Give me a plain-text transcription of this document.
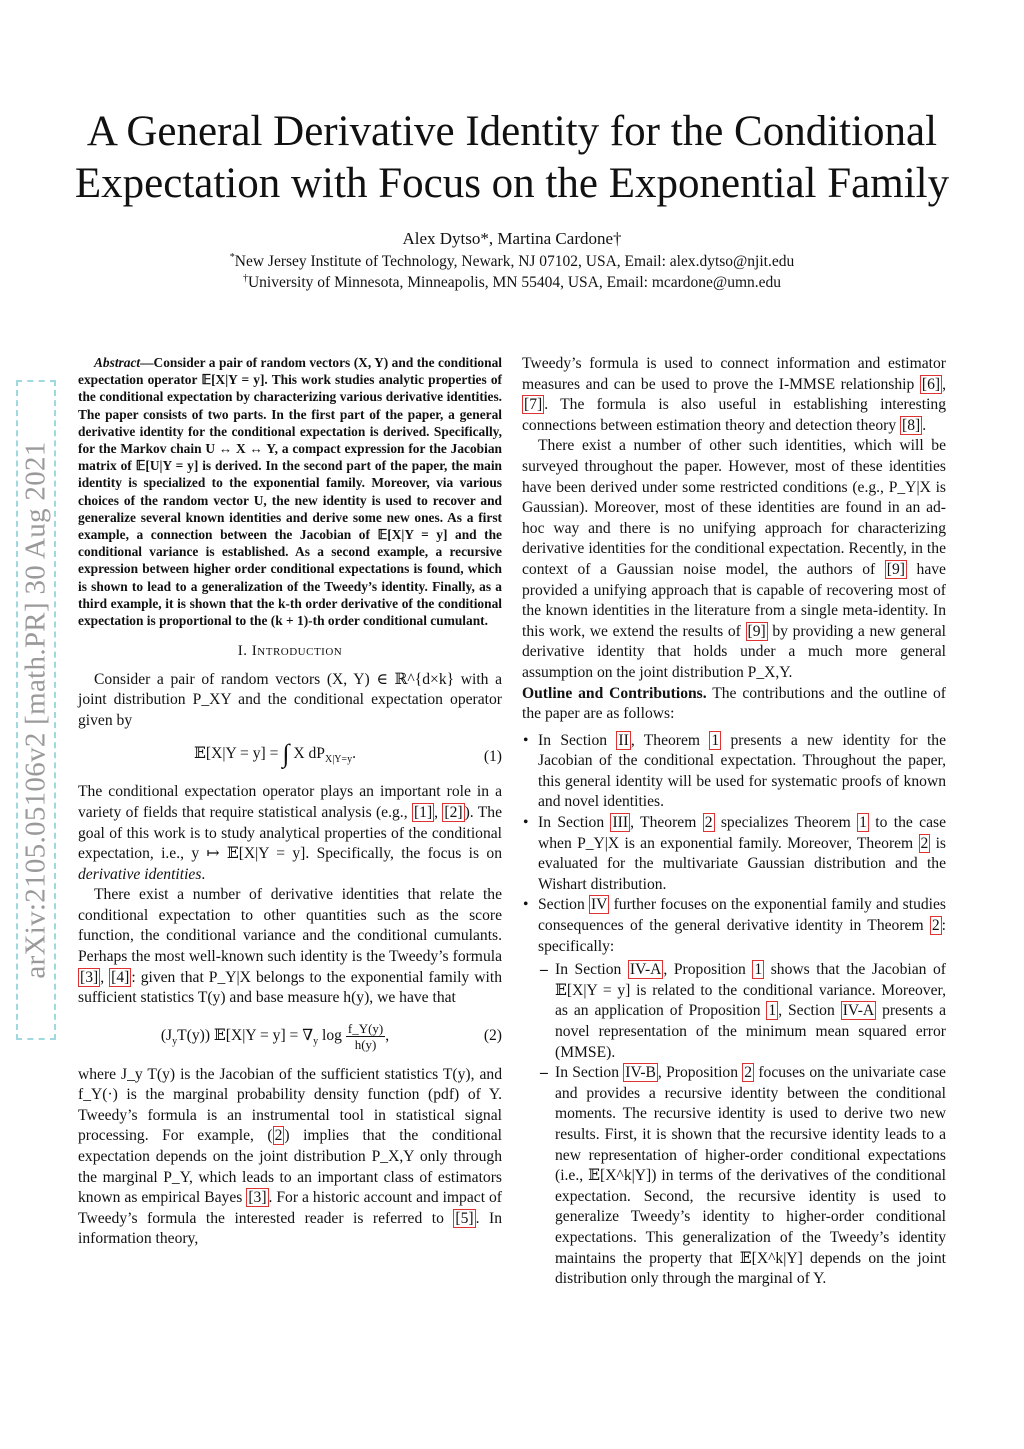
arXiv:2105.05106v2 [math.PR] 30 Aug 2021
A General Derivative Identity for the Conditional
Expectation with Focus on the Exponential Family
Alex Dytso*, Martina Cardone†
*New Jersey Institute of Technology, Newark, NJ 07102, USA, Email: alex.dytso@njit.edu
†University of Minnesota, Minneapolis, MN 55404, USA, Email: mcardone@umn.edu

Abstract—Consider a pair of random vectors (X, Y) and the conditional expectation operator 𝔼[X|Y = y]. This work studies analytic properties of the conditional expectation by characterizing various derivative identities. The paper consists of two parts. In the first part of the paper, a general derivative identity for the conditional expectation is derived. Specifically, for the Markov chain U ↔ X ↔ Y, a compact expression for the Jacobian matrix of 𝔼[U|Y = y] is derived. In the second part of the paper, the main identity is specialized to the exponential family. Moreover, via various choices of the random vector U, the new identity is used to recover and generalize several known identities and derive some new ones. As a first example, a connection between the Jacobian of 𝔼[X|Y = y] and the conditional variance is established. As a second example, a recursive expression between higher order conditional expectations is found, which is shown to lead to a generalization of the Tweedy’s identity. Finally, as a third example, it is shown that the k-th order derivative of the conditional expectation is proportional to the (k + 1)-th order conditional cumulant.

I. Introduction

Consider a pair of random vectors (X, Y) ∈ ℝ^{d×k} with a joint distribution P_XY and the conditional expectation operator given by

𝔼[X|Y = y] = ∫ X $dP_{X|Y=y}$.	(1)

The conditional expectation operator plays an important role in a variety of fields that require statistical analysis (e.g., [1] , [2] ). The goal of this work is to study analytical properties of the conditional expectation, i.e., y ↦ 𝔼[X|Y = y]. Specifically, the focus is on derivative identities.

There exist a number of derivative identities that relate the conditional expectation to other quantities such as the score function, the conditional variance and the conditional cumulants. Perhaps the most well-known such identity is the Tweedy’s formula [3] , [4] : given that P_Y|X belongs to the exponential family with sufficient statistics T(y) and base measure h(y), we have that

$(J_yT(y))$ 𝔼[X|Y = $y] = \nabla_y$ $\log \frac{f\_Y(y)}{h(y)}$ ,	(2)

where J_y T(y) is the Jacobian of the sufficient statistics T(y), and f_Y(·) is the marginal probability density function (pdf) of Y. Tweedy’s formula is an instrumental tool in statistical signal processing. For example, ( 2 ) implies that the conditional expectation depends on the joint distribution P_X,Y only through the marginal P_Y, which leads to an important class of estimators known as empirical Bayes [3] . For a historic account and impact of Tweedy’s formula the interested reader is referred to [5] . In information theory,

Tweedy’s formula is used to connect information and estimator measures and can be used to prove the I-MMSE relationship [6] , [7] . The formula is also useful in establishing interesting connections between estimation theory and detection theory [8] .

There exist a number of other such identities, which will be surveyed throughout the paper. However, most of these identities have been derived under some restricted conditions (e.g., P_Y|X is Gaussian). Moreover, most of these identities are found in an ad-hoc way and there is no unifying approach for characterizing derivative identities for the conditional expectation. Recently, in the context of a Gaussian noise model, the authors of [9] have provided a unifying approach that is capable of recovering most of the known identities in the literature from a single meta-identity. In this work, we extend the results of [9] by providing a new general derivative identity that holds under a much more general assumption on the joint distribution P_X,Y.

Outline and Contributions. The contributions and the outline of the paper are as follows:

• In Section II , Theorem 1 presents a new identity for the Jacobian of the conditional expectation. Throughout the paper, this general identity will be used for systematic proofs of known and novel identities.
• In Section III , Theorem 2 specializes Theorem 1 to the case when P_Y|X is an exponential family. Moreover, Theorem 2 is evaluated for the multivariate Gaussian distribution and the Wishart distribution.
• Section IV further focuses on the exponential family and studies consequences of the general derivative identity in Theorem 2 : specifically:
– In Section IV-A , Proposition 1 shows that the Jacobian of 𝔼[X|Y = y] is related to the conditional variance. Moreover, as an application of Proposition 1 , Section IV-A presents a novel representation of the minimum mean squared error (MMSE).
– In Section IV-B , Proposition 2 focuses on the univariate case and provides a recursive identity between the conditional moments. The recursive identity is used to derive two new results. First, it is shown that the recursive identity leads to a new representation of higher-order conditional expectations (i.e., 𝔼[X^k|Y]) in terms of the derivatives of the conditional expectation. Second, the recursive identity is used to generalize Tweedy’s identity to higher-order conditional expectations. This generalization of the Tweedy’s identity maintains the property that 𝔼[X^k|Y] depends on the joint distribution only through the marginal of Y.
